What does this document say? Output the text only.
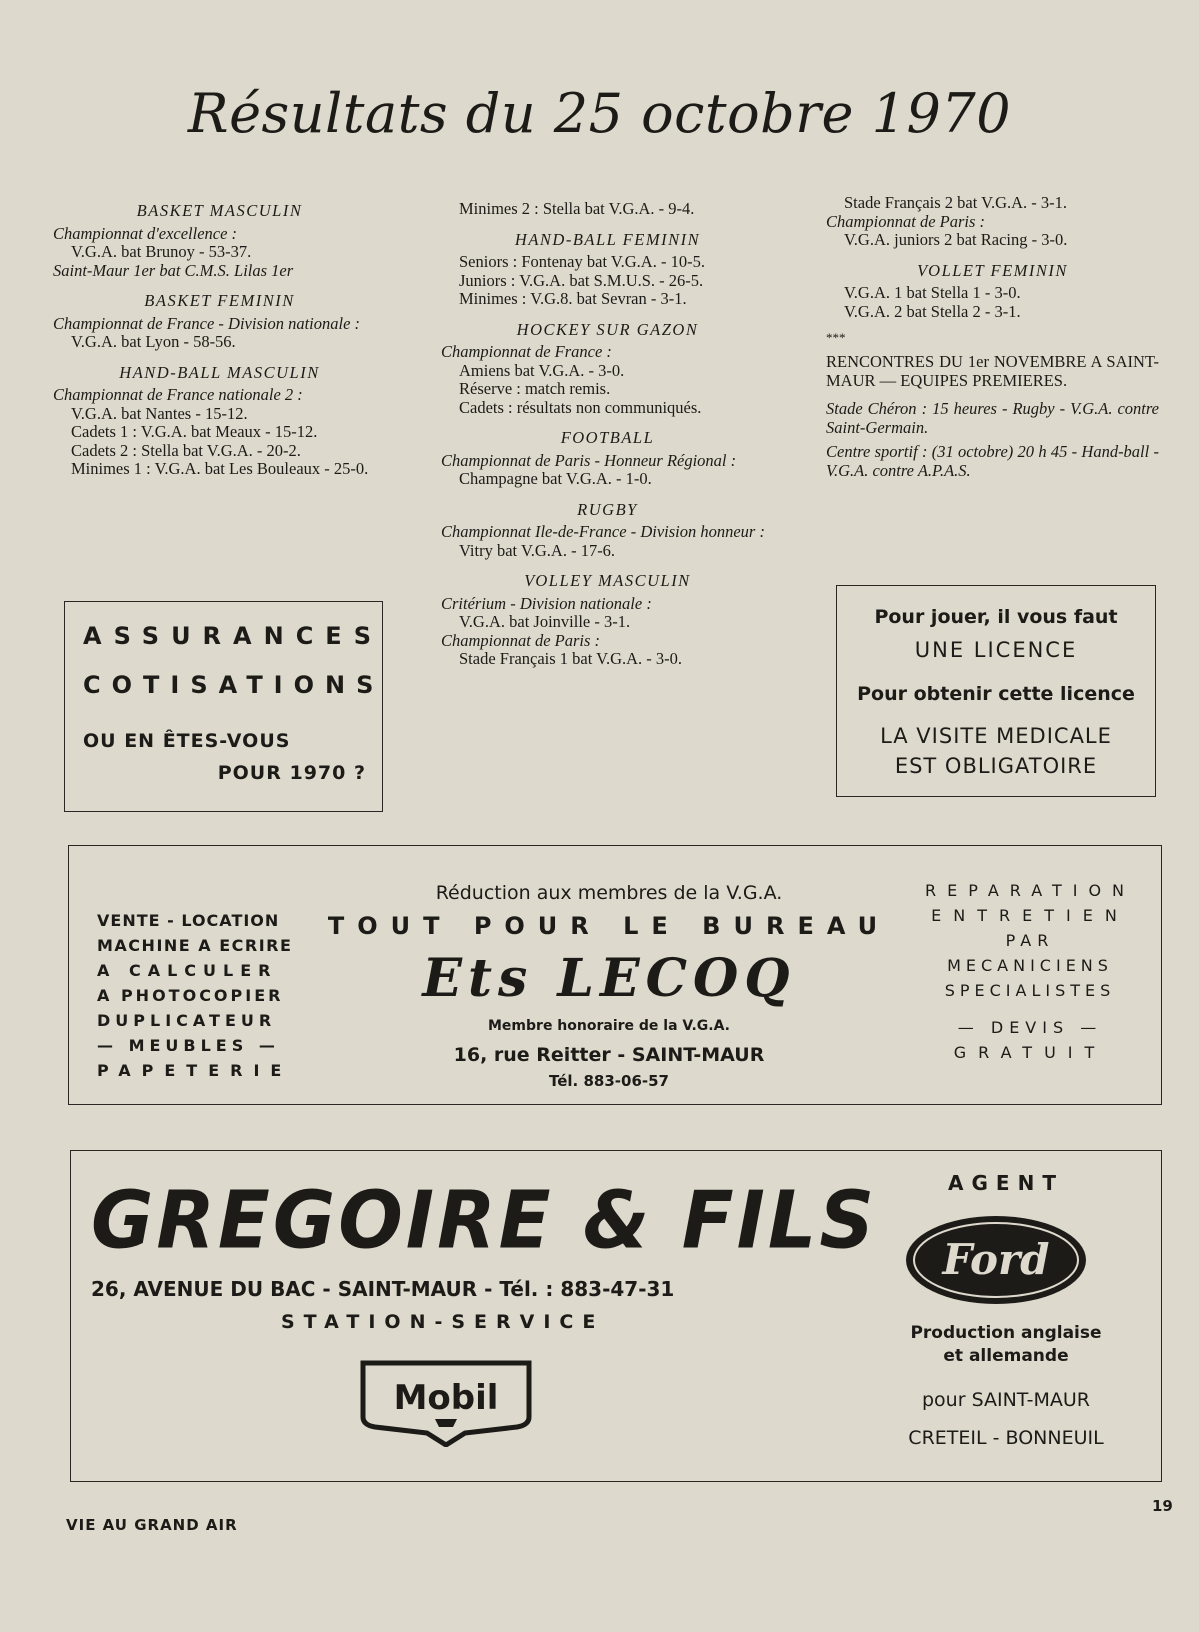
Résultats du 25 octobre 1970
BASKET MASCULIN
Championnat d'excellence :
V.G.A. bat Brunoy - 53-37.
Saint-Maur 1er bat C.M.S. Lilas 1er
BASKET FEMININ
Championnat de France - Division nationale :
V.G.A. bat Lyon - 58-56.
HAND-BALL MASCULIN
Championnat de France nationale 2 :
V.G.A. bat Nantes - 15-12.
Cadets 1 : V.G.A. bat Meaux - 15-12.
Cadets 2 : Stella bat V.G.A. - 20-2.
Minimes 1 : V.G.A. bat Les Bouleaux - 25-0.
Minimes 2 : Stella bat V.G.A. - 9-4.
HAND-BALL FEMININ
Seniors : Fontenay bat V.G.A. - 10-5.
Juniors : V.G.A. bat S.M.U.S. - 26-5.
Minimes : V.G.8. bat Sevran - 3-1.
HOCKEY SUR GAZON
Championnat de France :
Amiens bat V.G.A. - 3-0.
Réserve : match remis.
Cadets : résultats non communiqués.
FOOTBALL
Championnat de Paris - Honneur Régional :
Champagne bat V.G.A. - 1-0.
RUGBY
Championnat Ile-de-France - Division honneur :
Vitry bat V.G.A. - 17-6.
VOLLEY MASCULIN
Critérium - Division nationale :
V.G.A. bat Joinville - 3-1.
Championnat de Paris :
Stade Français 1 bat V.G.A. - 3-0.
Stade Français 2 bat V.G.A. - 3-1.
Championnat de Paris :
V.G.A. juniors 2 bat Racing - 3-0.
VOLLET FEMININ
V.G.A. 1 bat Stella 1 - 3-0.
V.G.A. 2 bat Stella 2 - 3-1.
***
RENCONTRES DU 1er NOVEMBRE A SAINT-MAUR — EQUIPES PREMIERES.
Stade Chéron : 15 heures - Rugby - V.G.A. contre Saint-Germain.
Centre sportif : (31 octobre) 20 h 45 - Hand-ball - V.G.A. contre A.P.A.S.
ASSURANCES
COTISATIONS
OU EN ÊTES-VOUS
POUR 1970 ?
Pour jouer, il vous faut
UNE LICENCE
Pour obtenir cette licence
LA VISITE MEDICALE
EST OBLIGATOIRE
VENTE - LOCATION
MACHINE A ECRIRE
A CALCULER
A PHOTOCOPIER
DUPLICATEUR
— MEUBLES —
PAPETERIE
Réduction aux membres de la V.G.A.
TOUT POUR LE BUREAU
Ets LECOQ
Membre honoraire de la V.G.A.
16, rue Reitter - SAINT-MAUR
Tél. 883-06-57
REPARATION
ENTRETIEN
PAR
MECANICIENS
SPECIALISTES
— DEVIS —
GRATUIT
GREGOIRE & FILS
26, AVENUE DU BAC - SAINT-MAUR - Tél. : 883-47-31
STATION-SERVICE
Mobil
AGENT
Ford
Production anglaise
et allemande
pour SAINT-MAUR
CRETEIL - BONNEUIL
VIE AU GRAND AIR
19
